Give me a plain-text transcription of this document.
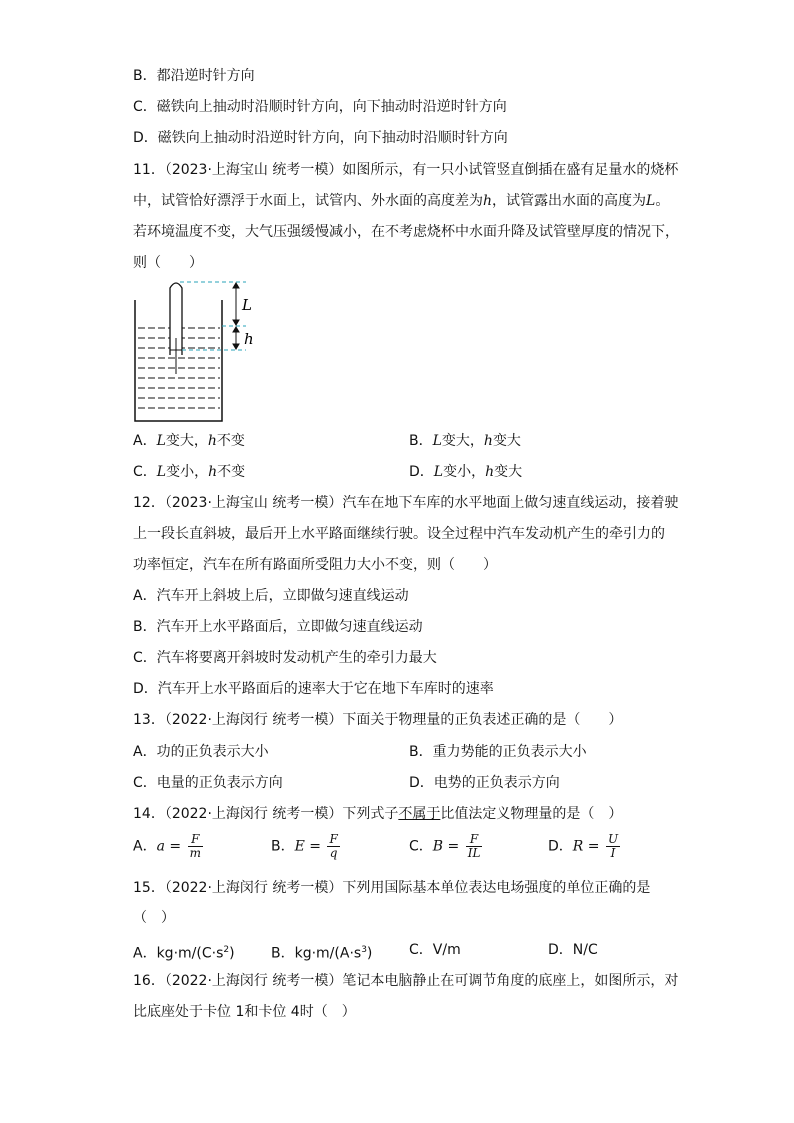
B．都沿逆时针方向
C．磁铁向上抽动时沿顺时针方向，向下抽动时沿逆时针方向
D．磁铁向上抽动时沿逆时针方向，向下抽动时沿顺时针方向
11．（2023·上海宝山 统考一模）如图所示，有一只小试管竖直倒插在盛有足量水的烧杯
中，试管恰好漂浮于水面上，试管内、外水面的高度差为h，试管露出水面的高度为L。
若环境温度不变，大气压强缓慢减小，在不考虑烧杯中水面升降及试管壁厚度的情况下，
则（　　）
L
h
A．L变大，h不变	B．L变大，h变大
C．L变小，h不变	D．L变小，h变大
12．（2023·上海宝山 统考一模）汽车在地下车库的水平地面上做匀速直线运动，接着驶
上一段长直斜坡，最后开上水平路面继续行驶。设全过程中汽车发动机产生的牵引力的
功率恒定，汽车在所有路面所受阻力大小不变，则（　　）
A．汽车开上斜坡上后，立即做匀速直线运动
B．汽车开上水平路面后，立即做匀速直线运动
C．汽车将要离开斜坡时发动机产生的牵引力最大
D．汽车开上水平路面后的速率大于它在地下车库时的速率
13．（2022·上海闵行 统考一模）下面关于物理量的正负表述正确的是（　　）
A．功的正负表示大小	B．重力势能的正负表示大小
C．电量的正负表示方向	D．电势的正负表示方向
14．（2022·上海闵行 统考一模）下列式子不属于比值法定义物理量的是（　）
A．$a = \frac{F}{m}$	B．$E = \frac{F}{q}$	C．$B = \frac{F}{IL}$	D．$R = \frac{U}{I}$
15．（2022·上海闵行 统考一模）下列用国际基本单位表达电场强度的单位正确的是
（　）
A．$kg\cdot m/(C\cdot s^2)$	B．$kg\cdot m/(A\cdot s^3)$	C．V/m	D．N/C
16．（2022·上海闵行 统考一模）笔记本电脑静止在可调节角度的底座上，如图所示，对
比底座处于卡位 1和卡位 4时（　）
